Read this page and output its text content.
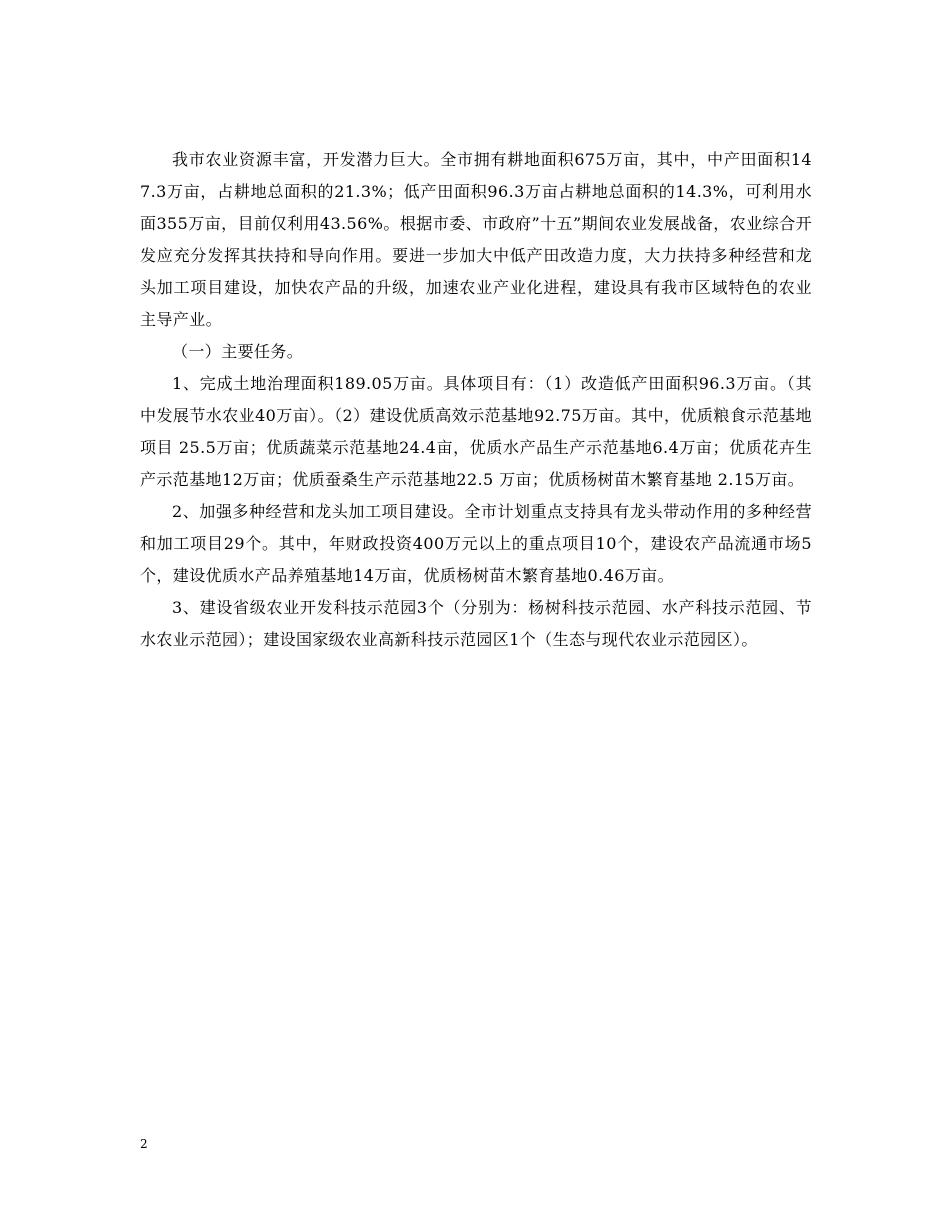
我市农业资源丰富，开发潜力巨大。全市拥有耕地面积675万亩，其中，中产田面积147.3万亩，占耕地总面积的21.3%；低产田面积96.3万亩占耕地总面积的14.3%，可利用水面355万亩，目前仅利用43.56%。根据市委、市政府”十五”期间农业发展战备，农业综合开发应充分发挥其扶持和导向作用。要进一步加大中低产田改造力度，大力扶持多种经营和龙头加工项目建设，加快农产品的升级，加速农业产业化进程，建设具有我市区域特色的农业主导产业。

（一）主要任务。

1、完成土地治理面积189.05万亩。具体项目有：（1）改造低产田面积96.3万亩。（其中发展节水农业40万亩）。（2）建设优质高效示范基地92.75万亩。其中，优质粮食示范基地项目 25.5万亩；优质蔬菜示范基地24.4亩，优质水产品生产示范基地6.4万亩；优质花卉生产示范基地12万亩；优质蚕桑生产示范基地22.5 万亩；优质杨树苗木繁育基地 2.15万亩。

2、加强多种经营和龙头加工项目建设。全市计划重点支持具有龙头带动作用的多种经营和加工项目29个。其中，年财政投资400万元以上的重点项目10个，建设农产品流通市场5个，建设优质水产品养殖基地14万亩，优质杨树苗木繁育基地0.46万亩。

3、建设省级农业开发科技示范园3个（分别为：杨树科技示范园、水产科技示范园、节水农业示范园）；建设国家级农业高新科技示范园区1个（生态与现代农业示范园区）。

2
